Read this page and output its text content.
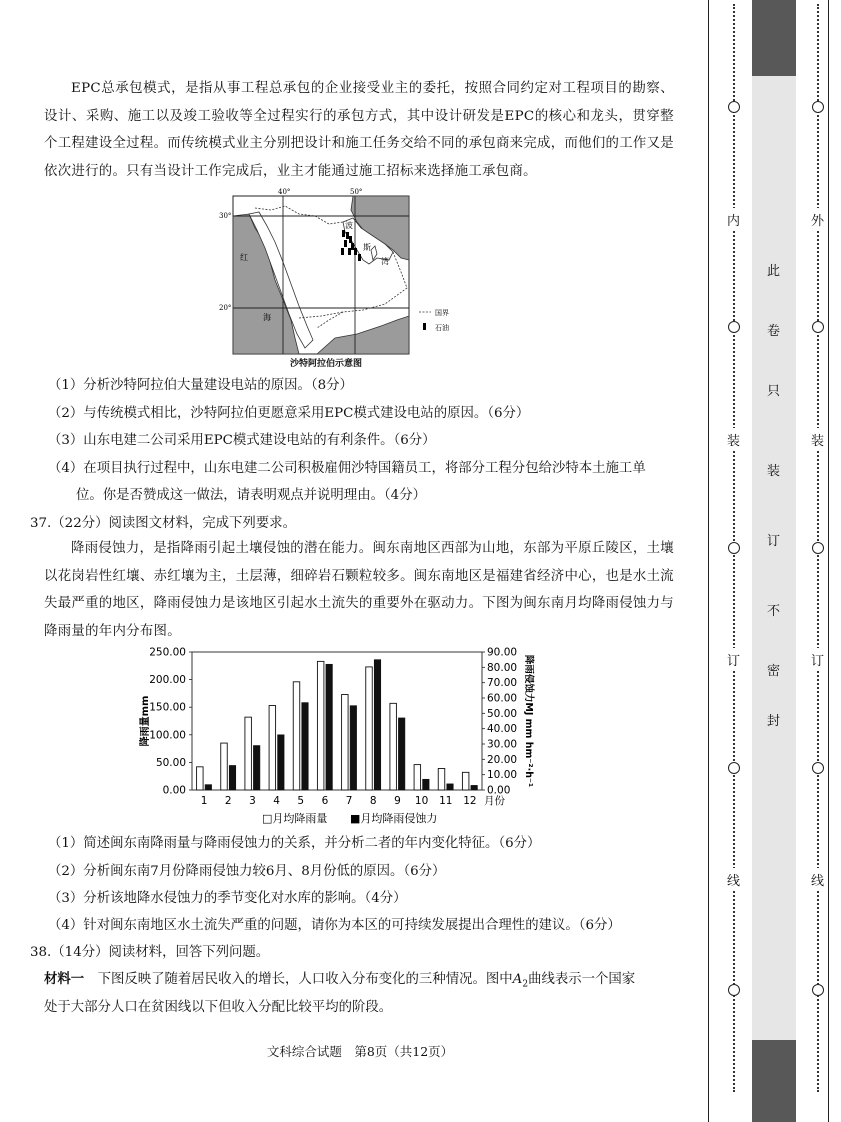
EPC总承包模式，是指从事工程总承包的企业接受业主的委托，按照合同约定对工程项目的勘察、设计、采购、施工以及竣工验收等全过程实行的承包方式，其中设计研发是EPC的核心和龙头，贯穿整个工程建设全过程。而传统模式业主分别把设计和施工任务交给不同的承包商来完成，而他们的工作又是依次进行的。只有当设计工作完成后，业主才能通过施工招标来选择施工承包商。
40°	50°
30°
20°
红
海
波
斯
湾
国界
石油
沙特阿拉伯示意图
（1）分析沙特阿拉伯大量建设电站的原因。（8分）
（2）与传统模式相比，沙特阿拉伯更愿意采用EPC模式建设电站的原因。（6分）
（3）山东电建二公司采用EPC模式建设电站的有利条件。（6分）
（4）在项目执行过程中，山东电建二公司积极雇佣沙特国籍员工，将部分工程分包给沙特本土施工单
位。你是否赞成这一做法，请表明观点并说明理由。（4分）
37.（22分）阅读图文材料，完成下列要求。
降雨侵蚀力，是指降雨引起土壤侵蚀的潜在能力。闽东南地区西部为山地，东部为平原丘陵区，土壤以花岗岩性红壤、赤红壤为主，土层薄，细碎岩石颗粒较多。闽东南地区是福建省经济中心，也是水土流失最严重的地区，降雨侵蚀力是该地区引起水土流失的重要外在驱动力。下图为闽东南月均降雨侵蚀力与降雨量的年内分布图。
0.00
50.00
100.00
150.00
200.00
250.00
0.00
10.00
20.00
30.00
40.00
50.00
60.00
70.00
80.00
90.00
1 2 3 4 5 6 7 8 9 10 11 12 月份
降雨量mm	降雨侵蚀力MJ mm hm⁻²·h⁻¹
□月均降雨量 ■月均降雨侵蚀力
（1）简述闽东南降雨量与降雨侵蚀力的关系，并分析二者的年内变化特征。（6分）
（2）分析闽东南7月份降雨侵蚀力较6月、8月份低的原因。（6分）
（3）分析该地降水侵蚀力的季节变化对水库的影响。（4分）
（4）针对闽东南地区水土流失严重的问题，请你为本区的可持续发展提出合理性的建议。（6分）
38.（14分）阅读材料，回答下列问题。
材料一　 下图反映了随着居民收入的增长，人口收入分布变化的三种情况。图中$A_2$曲线表示一个国家
处于大部分人口在贫困线以下但收入分配比较平均的阶段。
文科综合试题　第8页（共12页）
内
装
订
线
外
装
订
线
此
卷
只
装
订
不
密
封
